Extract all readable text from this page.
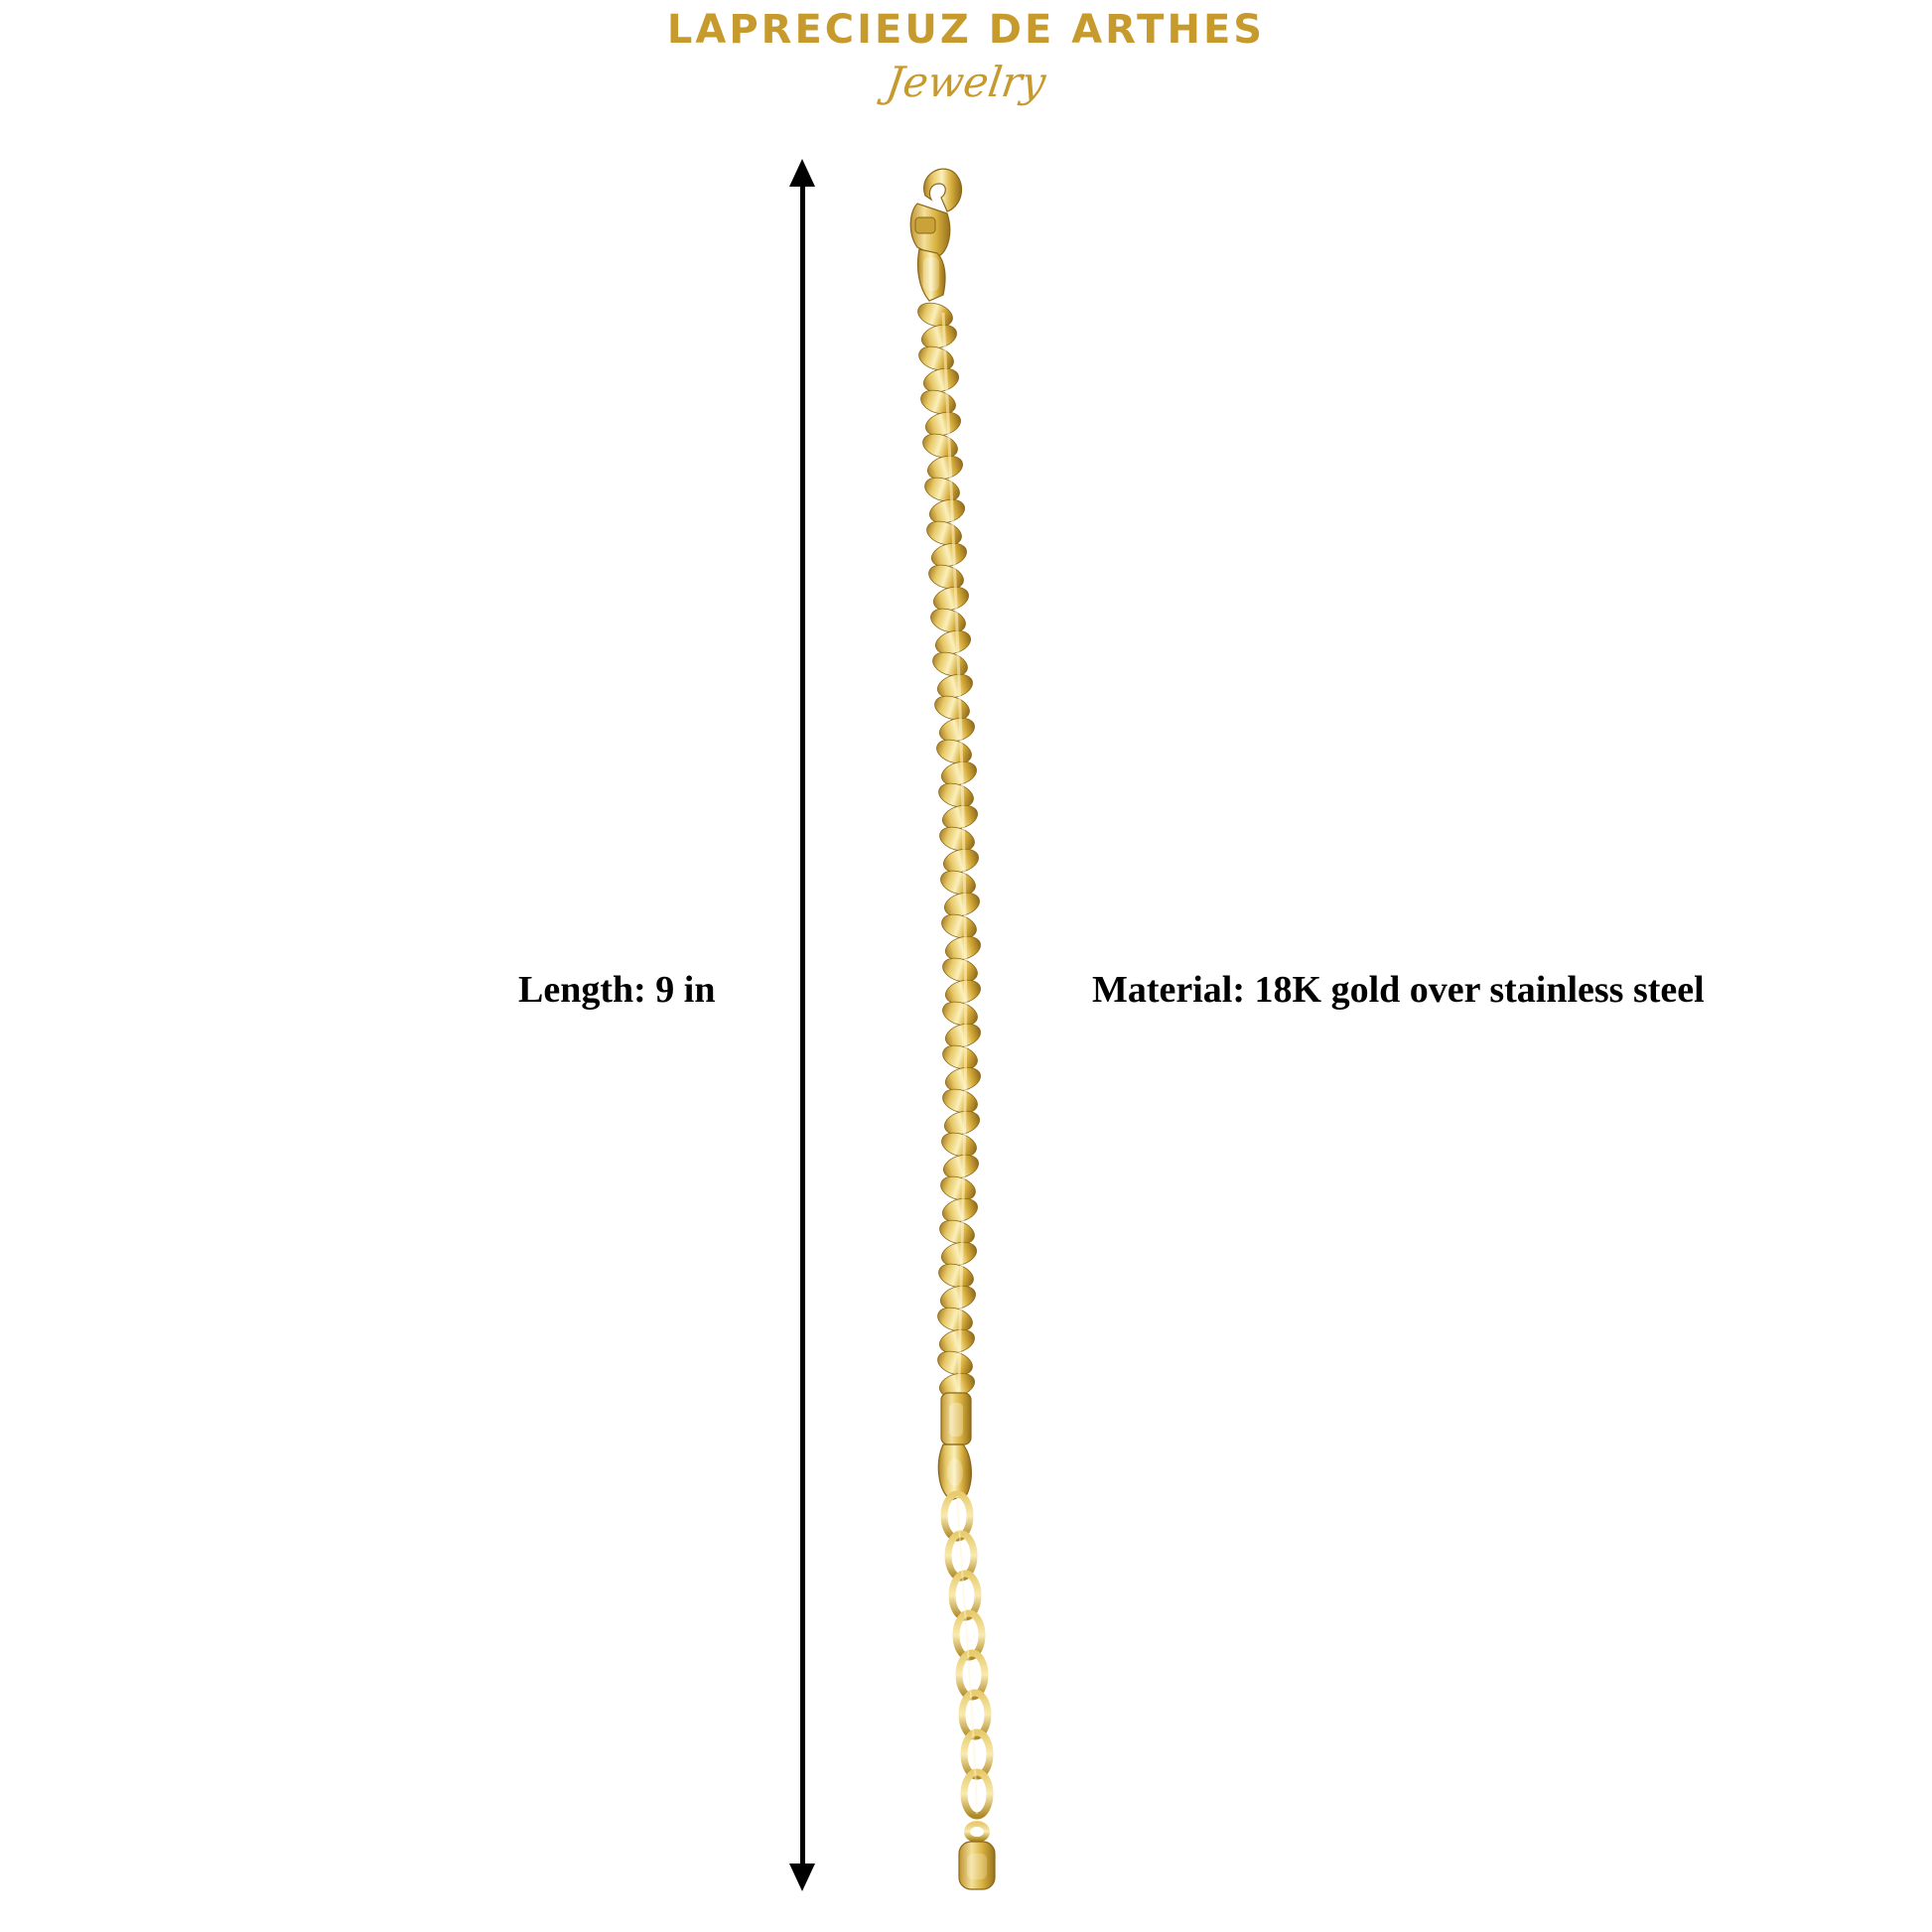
LAPRECIEUZ DE ARTHES
Jewelry
Length: 9 in	Material: 18K gold over stainless steel
